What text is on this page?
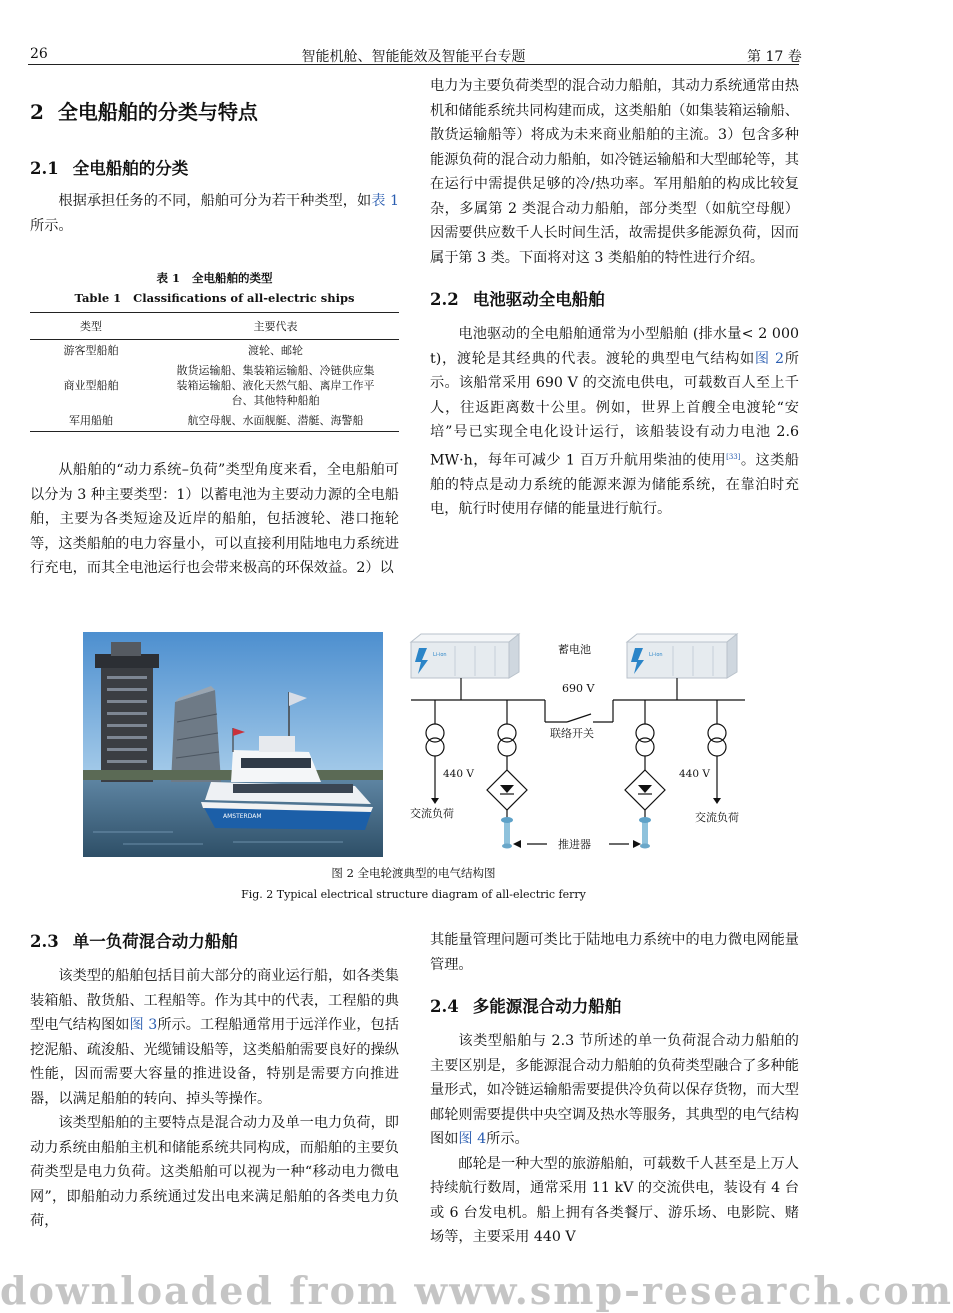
26	智能机舱、智能能效及智能平台专题	第 17 卷
2 全电船舶的分类与特点
2.1 全电船舶的分类

根据承担任务的不同，船舶可分为若干种类型，如表 1所示。

表 1 全电船舶的类型
Table 1 Classifications of all-electric ships
类型	主要代表
游客型船舶	渡轮、邮轮
商业型船舶	散货运输船、集装箱运输船、冷链供应集装箱运输船、液化天然气船、离岸工作平台、其他特种船舶
军用船舶	航空母舰、水面舰艇、潜艇、海警船

从船舶的“动力系统–负荷”类型角度来看，全电船舶可以分为 3 种主要类型：1）以蓄电池为主要动力源的全电船舶，主要为各类短途及近岸的船舶，包括渡轮、港口拖轮等，这类船舶的电力容量小，可以直接利用陆地电力系统进行充电，而其全电池运行也会带来极高的环保效益。2）以

电力为主要负荷类型的混合动力船舶，其动力系统通常由热机和储能系统共同构建而成，这类船舶（如集装箱运输船、散货运输船等）将成为未来商业船舶的主流。3）包含多种能源负荷的混合动力船舶，如冷链运输船和大型邮轮等，其在运行中需提供足够的冷/热功率。军用船舶的构成比较复杂，多属第 2 类混合动力船舶，部分类型（如航空母舰）因需要供应数千人长时间生活，故需提供多能源负荷，因而属于第 3 类。下面将对这 3 类船舶的特性进行介绍。

2.2 电池驱动全电船舶

电池驱动的全电船舶通常为小型船舶 (排水量< 2 000 t)，渡轮是其经典的代表。渡轮的典型电气结构如图 2所示。该船常采用 690 V 的交流电供电，可载数百人至上千人，往返距离数十公里。例如，世界上首艘全电渡轮“安培”号已实现全电化设计运行，该船装设有动力电池 2.6 MW·h，每年可减少 1 百万升航用柴油的使用[33]。这类船舶的特点是动力系统的能源来源为储能系统，在靠泊时充电，航行时使用存储的能量进行航行。

AMSTERDAM
Li-ion	Li-ion
蓄电池
690 V
联络开关
440 V	440 V
交流负荷	交流负荷
推进器
图 2 全电轮渡典型的电气结构图
Fig. 2 Typical electrical structure diagram of all-electric ferry
2.3 单一负荷混合动力船舶

该类型的船舶包括目前大部分的商业运行船，如各类集装箱船、散货船、工程船等。作为其中的代表，工程船的典型电气结构图如图 3所示。工程船通常用于远洋作业，包括挖泥船、疏浚船、光缆铺设船等，这类船舶需要良好的操纵性能，因而需要大容量的推进设备，特别是需要方向推进器，以满足船舶的转向、掉头等操作。

该类型船舶的主要特点是混合动力及单一电力负荷，即动力系统由船舶主机和储能系统共同构成，而船舶的主要负荷类型是电力负荷。这类船舶可以视为一种“移动电力微电网”，即船舶动力系统通过发出电来满足船舶的各类电力负荷，

其能量管理问题可类比于陆地电力系统中的电力微电网能量管理。

2.4 多能源混合动力船舶

该类型船舶与 2.3 节所述的单一负荷混合动力船舶的主要区别是，多能源混合动力船舶的负荷类型融合了多种能量形式，如冷链运输船需要提供冷负荷以保存货物，而大型邮轮则需要提供中央空调及热水等服务，其典型的电气结构图如图 4所示。

邮轮是一种大型的旅游船舶，可载数千人甚至是上万人持续航行数周，通常采用 11 kV 的交流供电，装设有 4 台或 6 台发电机。船上拥有各类餐厅、游乐场、电影院、赌场等，主要采用 440 V

downloaded from www.smp-research.com
